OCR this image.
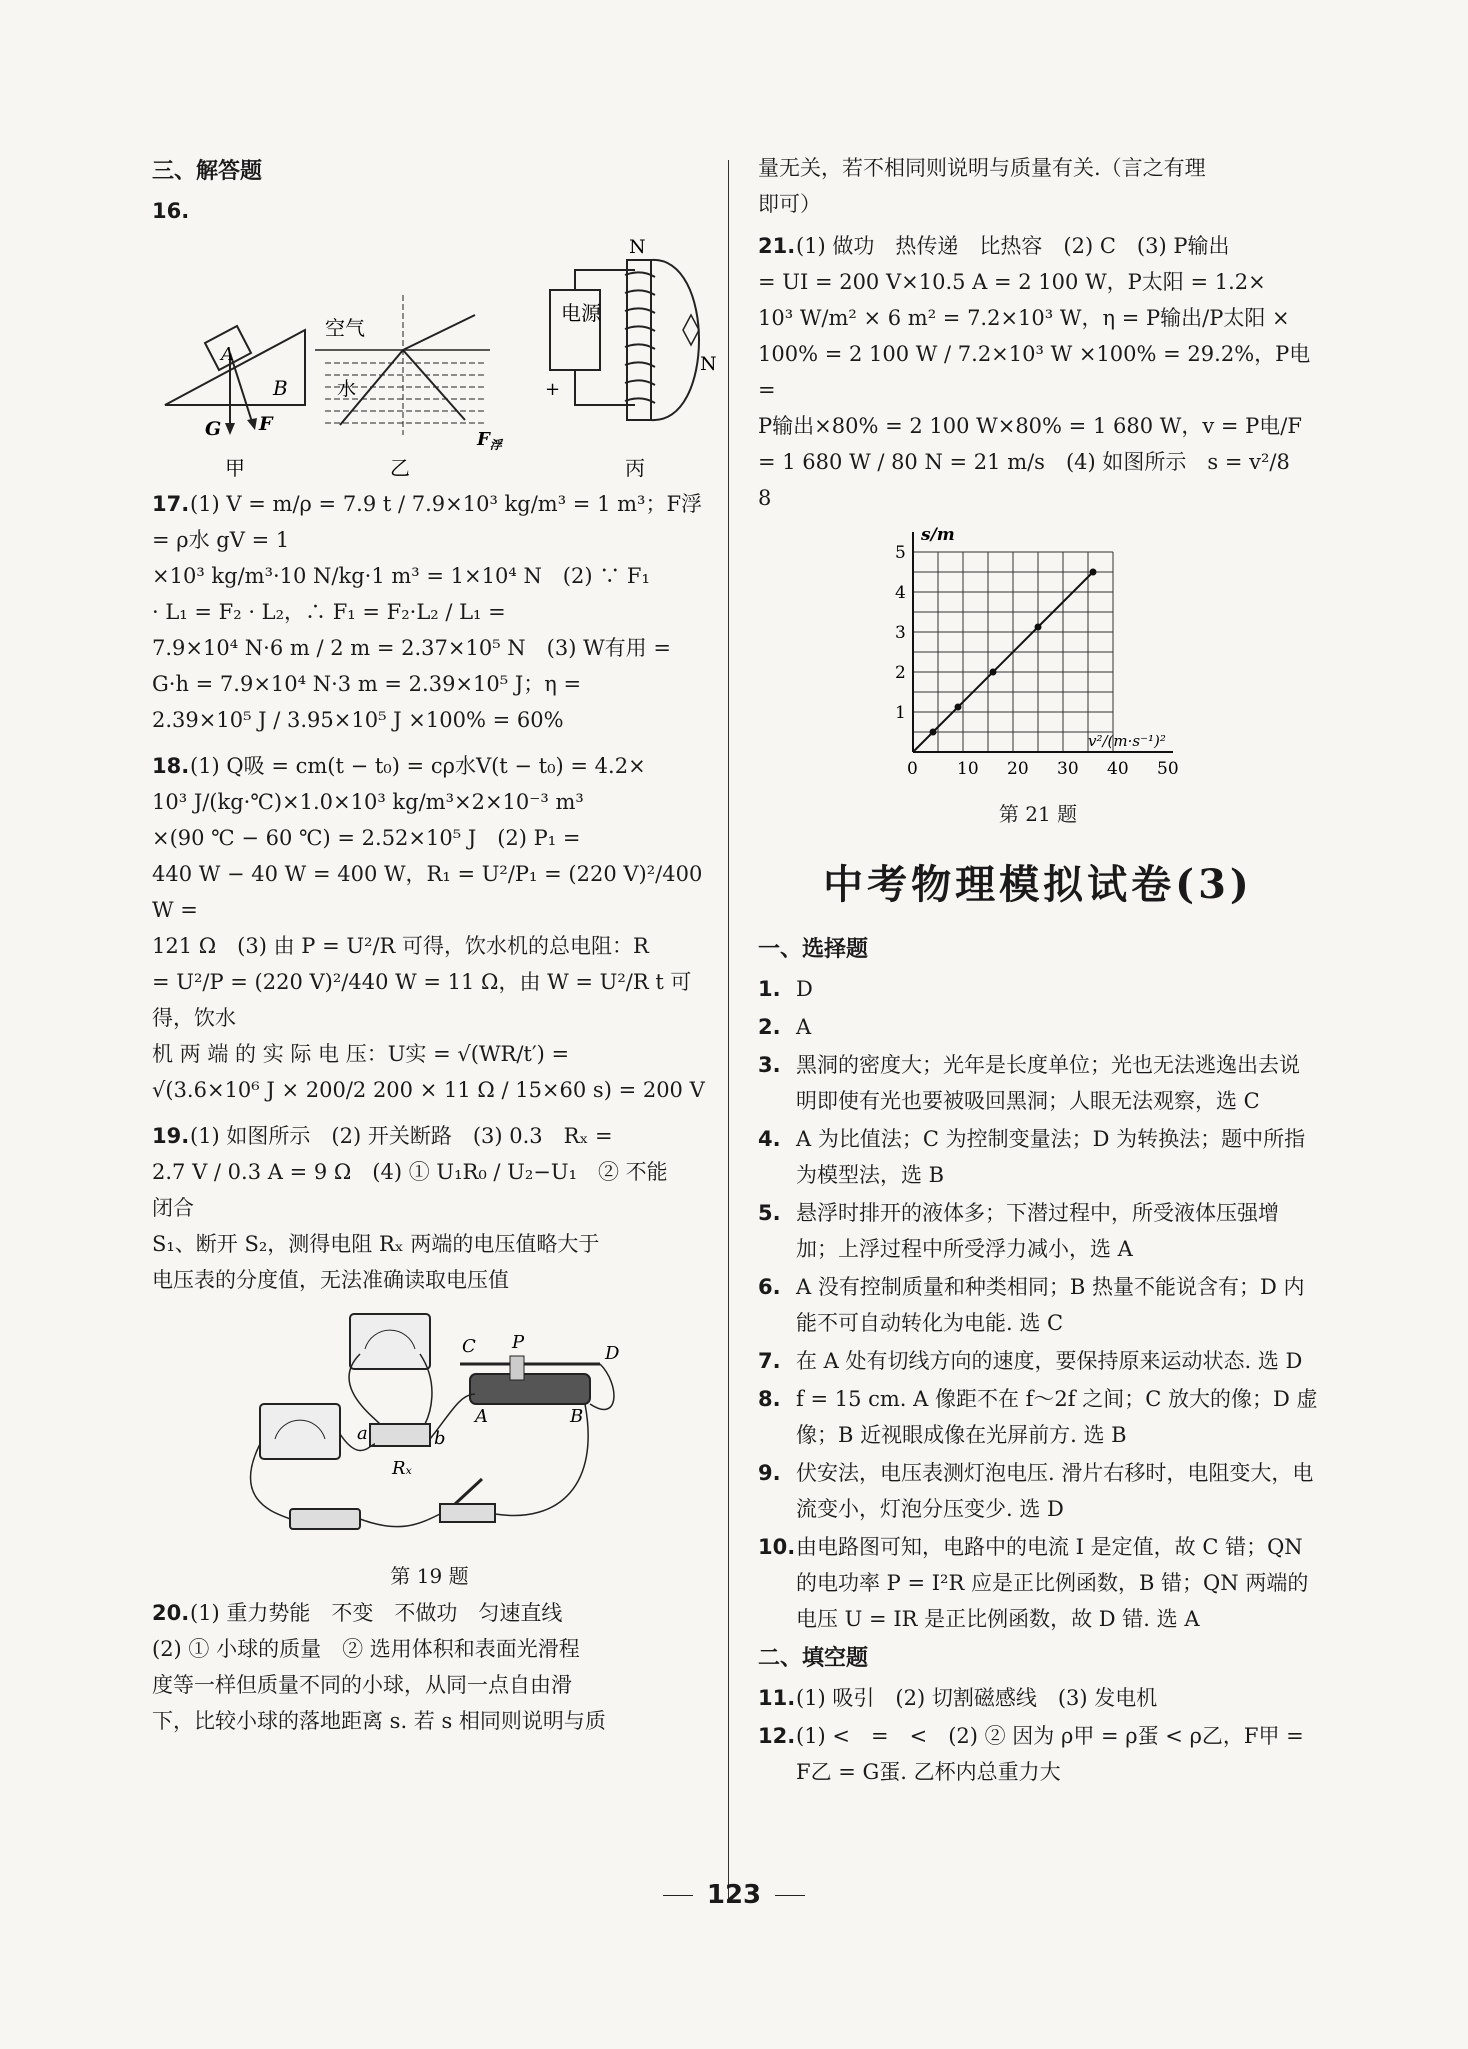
三、解答题
16.
A
B
G F
甲
空气
水
$F_浮$
乙
电源
+
N
N
丙
17.(1) V = m/ρ = 7.9 t / 7.9×10³ kg/m³ = 1 m³；F浮 = ρ水 gV = 1
×10³ kg/m³·10 N/kg·1 m³ = 1×10⁴ N　(2) ∵ F₁
· L₁ = F₂ · L₂，∴ F₁ = F₂·L₂ / L₁ =
7.9×10⁴ N·6 m / 2 m = 2.37×10⁵ N　(3) W有用 =
G·h = 7.9×10⁴ N·3 m = 2.39×10⁵ J；η =
2.39×10⁵ J / 3.95×10⁵ J ×100% = 60%
18.(1) Q吸 = cm(t − t₀) = cρ水V(t − t₀) = 4.2×
10³ J/(kg·℃)×1.0×10³ kg/m³×2×10⁻³ m³
×(90 ℃ − 60 ℃) = 2.52×10⁵ J　(2) P₁ =
440 W − 40 W = 400 W，R₁ = U²/P₁ = (220 V)²/400 W =
121 Ω　(3) 由 P = U²/R 可得，饮水机的总电阻：R
= U²/P = (220 V)²/440 W = 11 Ω，由 W = U²/R t 可得，饮水
机 两 端 的 实 际 电 压：U实 = √(WR/t′) =
√(3.6×10⁶ J × 200/2 200 × 11 Ω / 15×60 s) = 200 V
19.(1) 如图所示　(2) 开关断路　(3) 0.3　Rₓ =
2.7 V / 0.3 A = 9 Ω　(4) ① U₁R₀ / U₂−U₁　② 不能　闭合
S₁、断开 S₂，测得电阻 Rₓ 两端的电压值略大于
电压表的分度值，无法准确读取电压值
a	b
Rₓ
C P
D
A	B
第 19 题
20.(1) 重力势能　不变　不做功　匀速直线
(2) ① 小球的质量　② 选用体积和表面光滑程
度等一样但质量不同的小球，从同一点自由滑
下，比较小球的落地距离 s. 若 s 相同则说明与质
量无关，若不相同则说明与质量有关.（言之有理
即可）
21.(1) 做功　热传递　比热容　(2) C　(3) P输出
= UI = 200 V×10.5 A = 2 100 W，P太阳 = 1.2×
10³ W/m² × 6 m² = 7.2×10³ W，η = P输出/P太阳 ×
100% = 2 100 W / 7.2×10³ W ×100% = 29.2%，P电 =
P输出×80% = 2 100 W×80% = 1 680 W，v = P电/F
= 1 680 W / 80 N = 21 m/s　(4) 如图所示　s = v²/8　8
0 10 20 30 40 50
1
2
3
4
5
s/m
v²/(m·s⁻¹)²
第 21 题
中考物理模拟试卷(3)
一、选择题
1. D
2. A
3. 黑洞的密度大；光年是长度单位；光也无法逃逸出去说明即使有光也要被吸回黑洞；人眼无法观察，选 C
4. A 为比值法；C 为控制变量法；D 为转换法；题中所指为模型法，选 B
5. 悬浮时排开的液体多；下潜过程中，所受液体压强增加；上浮过程中所受浮力减小，选 A
6. A 没有控制质量和种类相同；B 热量不能说含有；D 内能不可自动转化为电能. 选 C
7. 在 A 处有切线方向的速度，要保持原来运动状态. 选 D
8. f = 15 cm. A 像距不在 f～2f 之间；C 放大的像；D 虚像；B 近视眼成像在光屏前方. 选 B
9. 伏安法，电压表测灯泡电压. 滑片右移时，电阻变大，电流变小，灯泡分压变少. 选 D
10. 由电路图可知，电路中的电流 I 是定值，故 C 错；QN 的电功率 P = I²R 应是正比例函数，B 错；QN 两端的电压 U = IR 是正比例函数，故 D 错. 选 A
二、填空题
11. (1) 吸引　(2) 切割磁感线　(3) 发电机
12. (1) <　=　<　(2) ② 因为 ρ甲 = ρ蛋 < ρ乙，F甲 = F乙 = G蛋. 乙杯内总重力大
123
